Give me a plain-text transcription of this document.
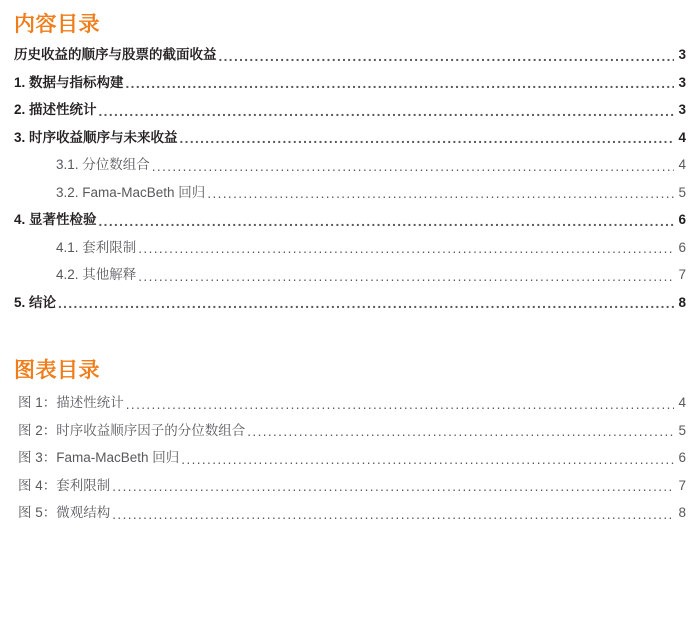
内容目录
历史收益的顺序与股票的截面收益 .....	3
1. 数据与指标构建 .....	3
2. 描述性统计 .....	3
3. 时序收益顺序与未来收益 .....	4
3.1. 分位数组合 .....	4
3.2. Fama-MacBeth 回归 .....	5
4. 显著性检验 .....	6
4.1. 套利限制 .....	6
4.2. 其他解释 .....	7
5. 结论 .....	8
图表目录
图 1：描述性统计 .....	4
图 2：时序收益顺序因子的分位数组合 .....	5
图 3：Fama-MacBeth 回归 .....	6
图 4：套利限制 .....	7
图 5：微观结构 .....	8
